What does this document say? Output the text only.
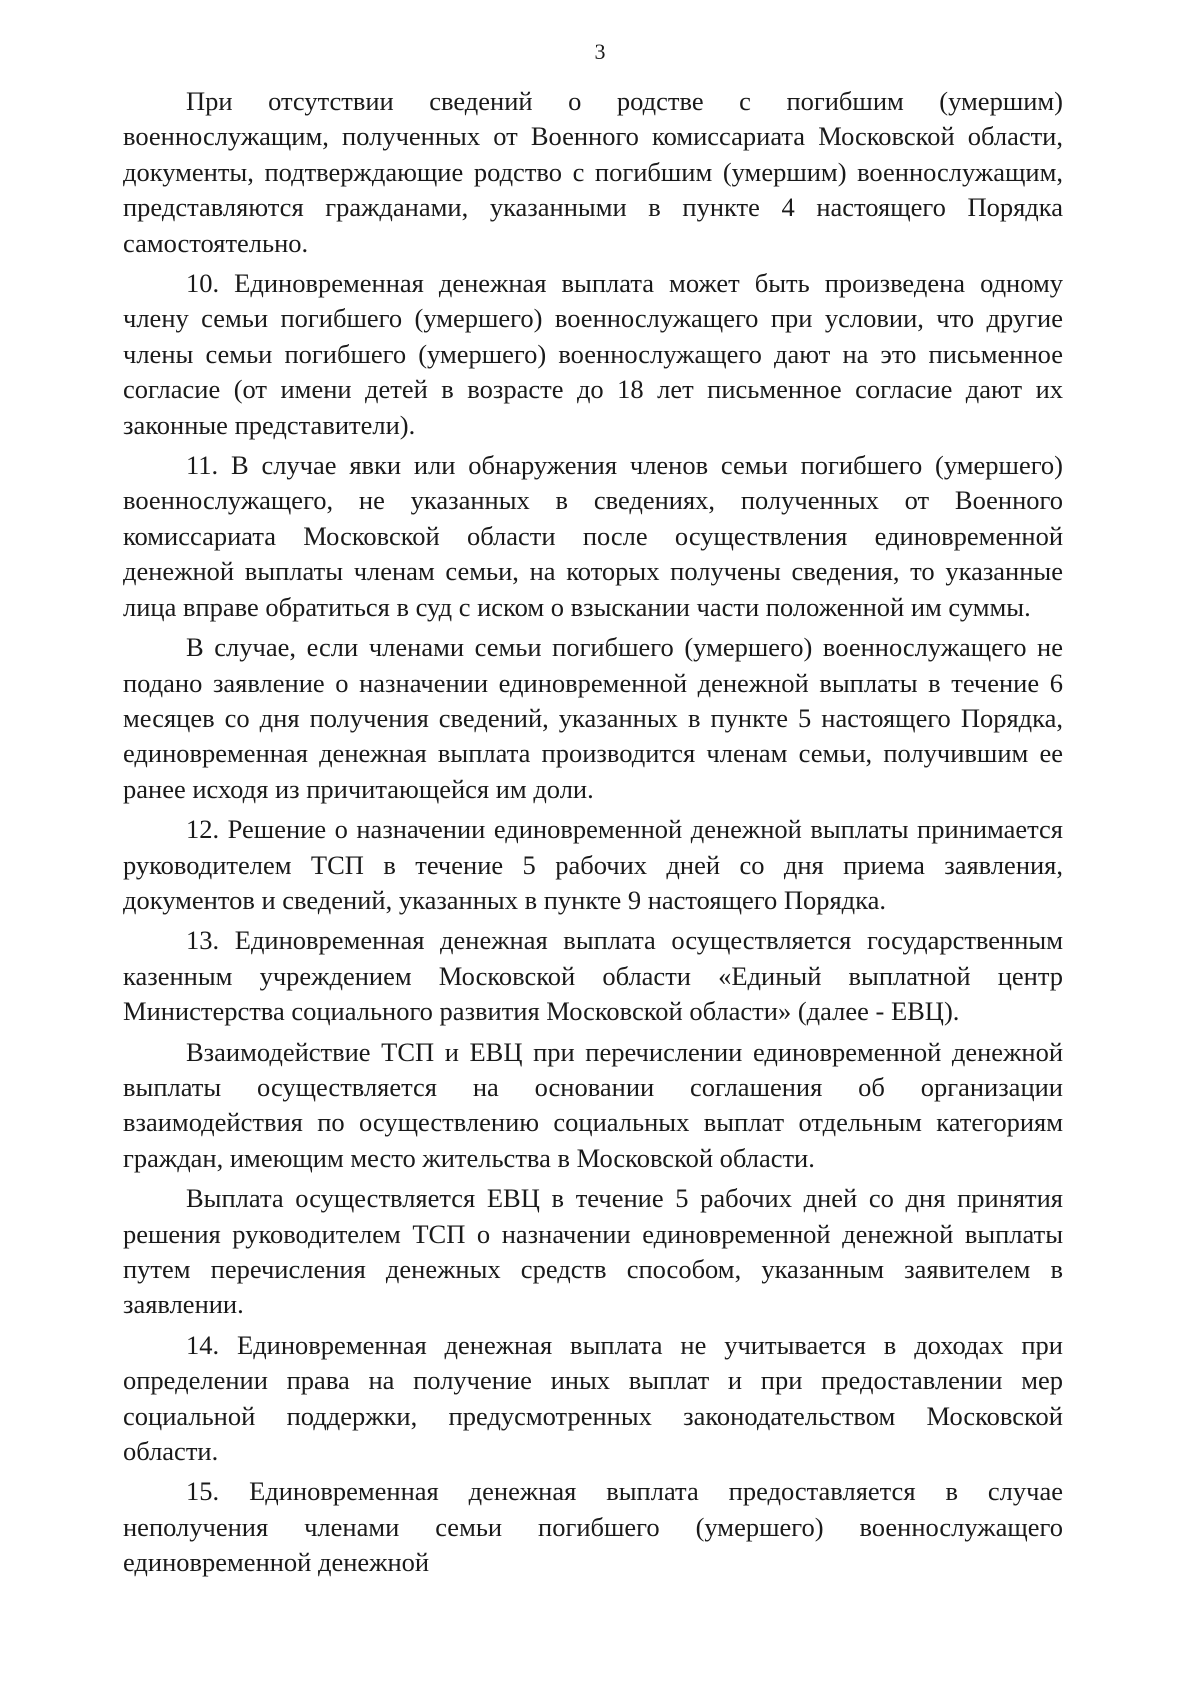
3

При отсутствии сведений о родстве с погибшим (умершим) военнослужащим, полученных от Военного комиссариата Московской области, документы, подтверждающие родство с погибшим (умершим) военнослужащим, представляются гражданами, указанными в пункте 4 настоящего Порядка самостоятельно.

10. Единовременная денежная выплата может быть произведена одному члену семьи погибшего (умершего) военнослужащего при условии, что другие члены семьи погибшего (умершего) военнослужащего дают на это письменное согласие (от имени детей в возрасте до 18 лет письменное согласие дают их законные представители).

11. В случае явки или обнаружения членов семьи погибшего (умершего) военнослужащего, не указанных в сведениях, полученных от Военного комиссариата Московской области после осуществления единовременной денежной выплаты членам семьи, на которых получены сведения, то указанные лица вправе обратиться в суд с иском о взыскании части положенной им суммы.

В случае, если членами семьи погибшего (умершего) военнослужащего не подано заявление о назначении единовременной денежной выплаты в течение 6 месяцев со дня получения сведений, указанных в пункте 5 настоящего Порядка, единовременная денежная выплата производится членам семьи, получившим ее ранее исходя из причитающейся им доли.

12. Решение о назначении единовременной денежной выплаты принимается руководителем ТСП в течение 5 рабочих дней со дня приема заявления, документов и сведений, указанных в пункте 9 настоящего Порядка.

13. Единовременная денежная выплата осуществляется государственным казенным учреждением Московской области «Единый выплатной центр Министерства социального развития Московской области» (далее - ЕВЦ).

Взаимодействие ТСП и ЕВЦ при перечислении единовременной денежной выплаты осуществляется на основании соглашения об организации взаимодействия по осуществлению социальных выплат отдельным категориям граждан, имеющим место жительства в Московской области.

Выплата осуществляется ЕВЦ в течение 5 рабочих дней со дня принятия решения руководителем ТСП о назначении единовременной денежной выплаты путем перечисления денежных средств способом, указанным заявителем в заявлении.

14. Единовременная денежная выплата не учитывается в доходах при определении права на получение иных выплат и при предоставлении мер социальной поддержки, предусмотренных законодательством Московской области.

15. Единовременная денежная выплата предоставляется в случае неполучения членами семьи погибшего (умершего) военнослужащего единовременной денежной
